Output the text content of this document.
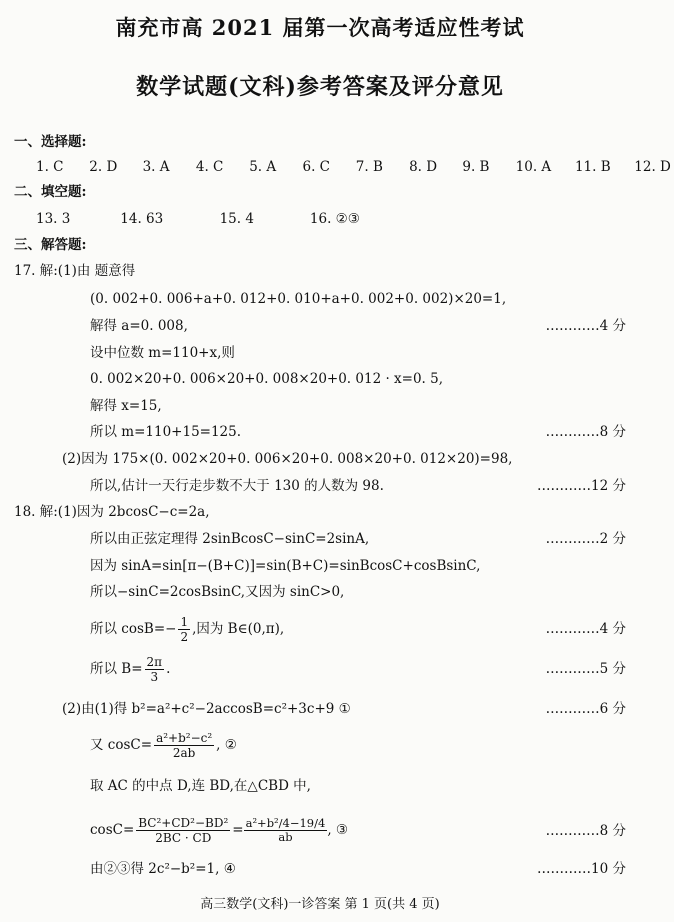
南充市高 2021 届第一次高考适应性考试
数学试题(文科)参考答案及评分意见
一、选择题:
1. C 2. D 3. A 4. C 5. A 6. C 7. B 8. D 9. B 10. A 11. B 12. D
二、填空题:
13. 3	14. 63	15. 4	16. ②③
三、解答题:
17. 解:(1)由 题意得
(0. 002+0. 006+a+0. 012+0. 010+a+0. 002+0. 002)×20=1,
解得 a=0. 008,	…………4 分
设中位数 m=110+x,则
0. 002×20+0. 006×20+0. 008×20+0. 012 · x=0. 5,
解得 x=15,
所以 m=110+15=125.	…………8 分
(2)因为 175×(0. 002×20+0. 006×20+0. 008×20+0. 012×20)=98,
所以,估计一天行走步数不大于 130 的人数为 98.	…………12 分
18. 解:(1)因为 2bcosC−c=2a,
所以由正弦定理得 2sinBcosC−sinC=2sinA,	…………2 分
因为 sinA=sin[π−(B+C)]=sin(B+C)=sinBcosC+cosBsinC,
所以−sinC=2cosBsinC,又因为 sinC>0,
所以 $\cos B=- \frac{1}{2}$ ,因为 B∈(0,π),	…………4 分
所以 $B= \frac{2\pi}{3}$ .	…………5 分
(2)由(1)得 b²=a²+c²−2accosB=c²+3c+9 ①	…………6 分
又 $\cos C= \frac{\text{a²+b²−c²}}{2ab}$ , ②
取 AC 的中点 D,连 BD,在△CBD 中,
$\cos C= \frac{\text{BC²+CD²−BD²}}{2BC \cdot CD} = \frac{\text{a²+b²/4−19/4}}{ab}$ , ③	…………8 分
由②③得 2c²−b²=1, ④	…………10 分
高三数学(文科)一诊答案 第 1 页(共 4 页)
